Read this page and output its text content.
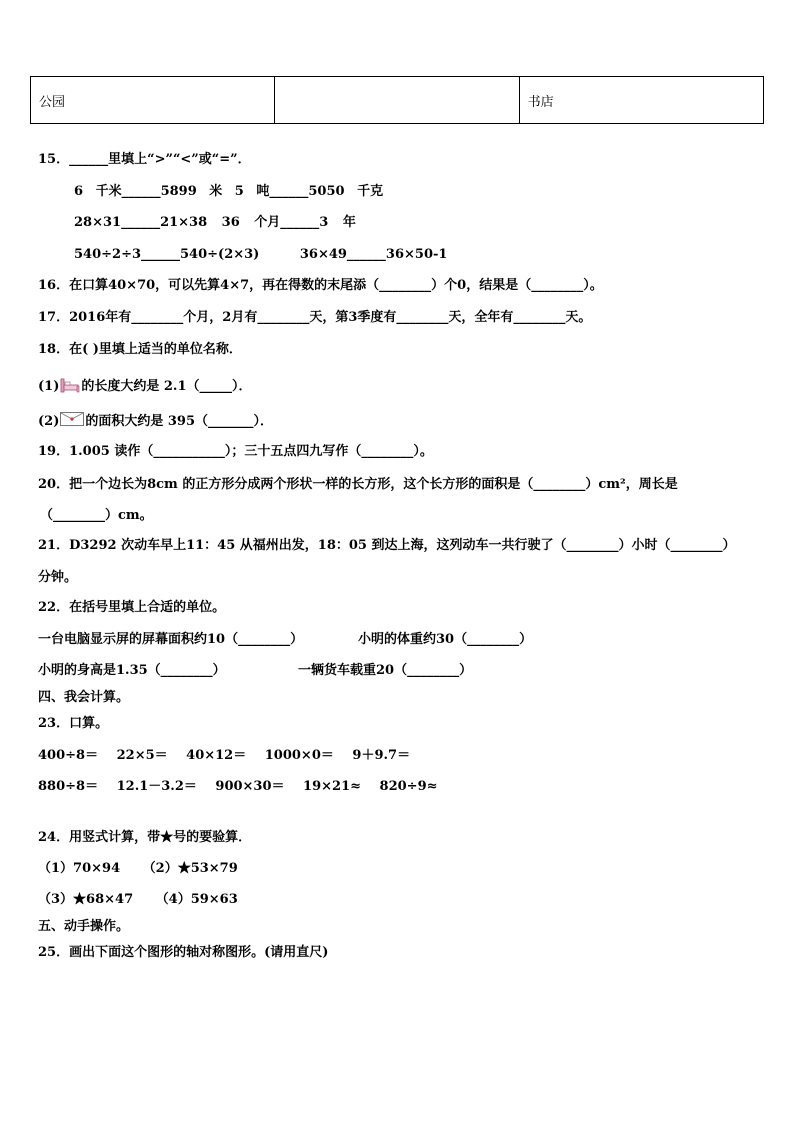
公园		书店
15．______里填上“>”“<”或“=”．
6 千米______5899 米 5 吨______5050 千克
28×31______21×38 36 个月______3 年
540÷2÷3______540÷(2×3) 36×49______36×50-1
16．在口算40×70，可以先算4×7，再在得数的末尾添（________）个0，结果是（________）。
17．2016年有________个月，2月有________天，第3季度有________天，全年有________天。
18．在( )里填上适当的单位名称．
(1) 的长度大约是 2.1（_____）．
(2) 的面积大约是 395（_______）．
19．1.005 读作（___________）；三十五点四九写作（________）。
20．把一个边长为8cm 的正方形分成两个形状一样的长方形，这个长方形的面积是（________）cm²，周长是
（________）cm。
21．D3292 次动车早上11：45 从福州出发，18：05 到达上海，这列动车一共行驶了（________）小时（________）
分钟。
22．在括号里填上合适的单位。
一台电脑显示屏的屏幕面积约10（________）	小明的体重约30（________）
小明的身高是1.35（________）	一辆货车载重20（________）
四、我会计算。
23．口算。
400÷8＝ 22×5＝ 40×12＝ 1000×0＝ 9＋9.7＝
880÷8＝ 12.1－3.2＝ 900×30＝ 19×21≈ 820÷9≈
24．用竖式计算，带★号的要验算．
（1）70×94 （2）★53×79
（3）★68×47 （4）59×63
五、动手操作。
25．画出下面这个图形的轴对称图形。(请用直尺)
